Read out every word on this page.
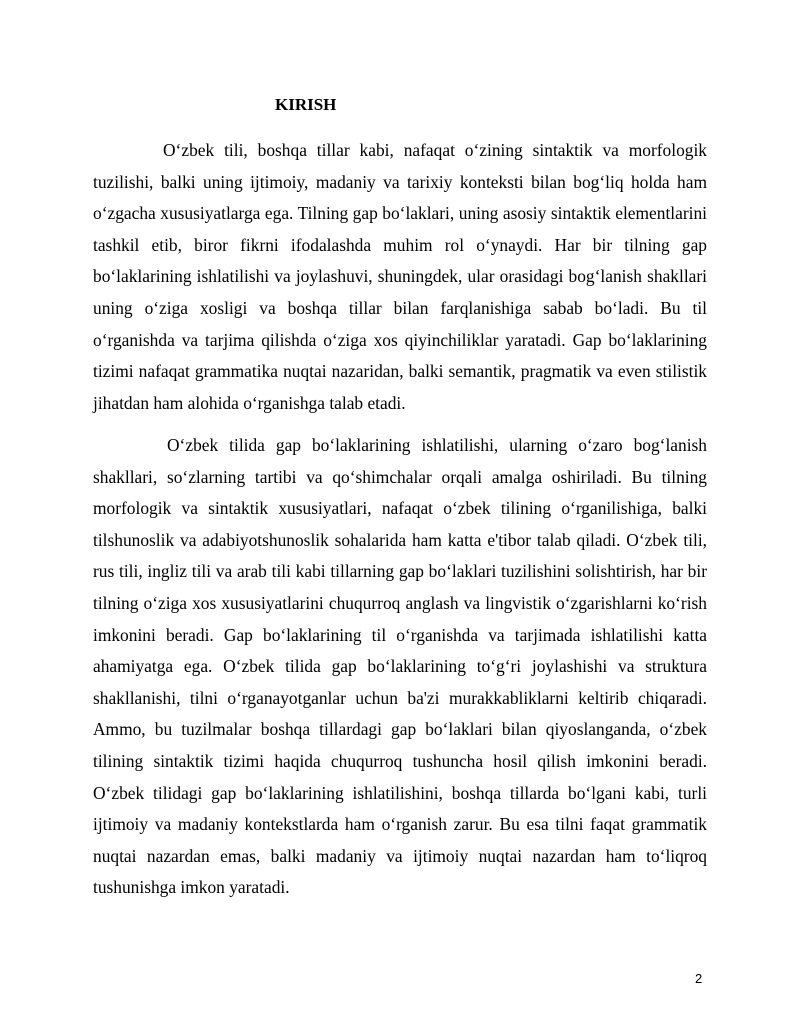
KIRISH

O‘zbek tili, boshqa tillar kabi, nafaqat o‘zining sintaktik va morfologik tuzilishi, balki uning ijtimoiy, madaniy va tarixiy konteksti bilan bog‘liq holda ham o‘zgacha xususiyatlarga ega. Tilning gap bo‘laklari, uning asosiy sintaktik elementlarini tashkil etib, biror fikrni ifodalashda muhim rol o‘ynaydi. Har bir tilning gap bo‘laklarining ishlatilishi va joylashuvi, shuningdek, ular orasidagi bog‘lanish shakllari uning o‘ziga xosligi va boshqa tillar bilan farqlanishiga sabab bo‘ladi. Bu til o‘rganishda va tarjima qilishda o‘ziga xos qiyinchiliklar yaratadi. Gap bo‘laklarining tizimi nafaqat grammatika nuqtai nazaridan, balki semantik, pragmatik va even stilistik jihatdan ham alohida o‘rganishga talab etadi.

O‘zbek tilida gap bo‘laklarining ishlatilishi, ularning o‘zaro bog‘lanish shakllari, so‘zlarning tartibi va qo‘shimchalar orqali amalga oshiriladi. Bu tilning morfologik va sintaktik xususiyatlari, nafaqat o‘zbek tilining o‘rganilishiga, balki tilshunoslik va adabiyotshunoslik sohalarida ham katta e'tibor talab qiladi. O‘zbek tili, rus tili, ingliz tili va arab tili kabi tillarning gap bo‘laklari tuzilishini solishtirish, har bir tilning o‘ziga xos xususiyatlarini chuqurroq anglash va lingvistik o‘zgarishlarni ko‘rish imkonini beradi. Gap bo‘laklarining til o‘rganishda va tarjimada ishlatilishi katta ahamiyatga ega. O‘zbek tilida gap bo‘laklarining to‘g‘ri joylashishi va struktura shakllanishi, tilni o‘rganayotganlar uchun ba'zi murakkabliklarni keltirib chiqaradi. Ammo, bu tuzilmalar boshqa tillardagi gap bo‘laklari bilan qiyoslanganda, o‘zbek tilining sintaktik tizimi haqida chuqurroq tushuncha hosil qilish imkonini beradi. O‘zbek tilidagi gap bo‘laklarining ishlatilishini, boshqa tillarda bo‘lgani kabi, turli ijtimoiy va madaniy kontekstlarda ham o‘rganish zarur. Bu esa tilni faqat grammatik nuqtai nazardan emas, balki madaniy va ijtimoiy nuqtai nazardan ham to‘liqroq tushunishga imkon yaratadi.

2
